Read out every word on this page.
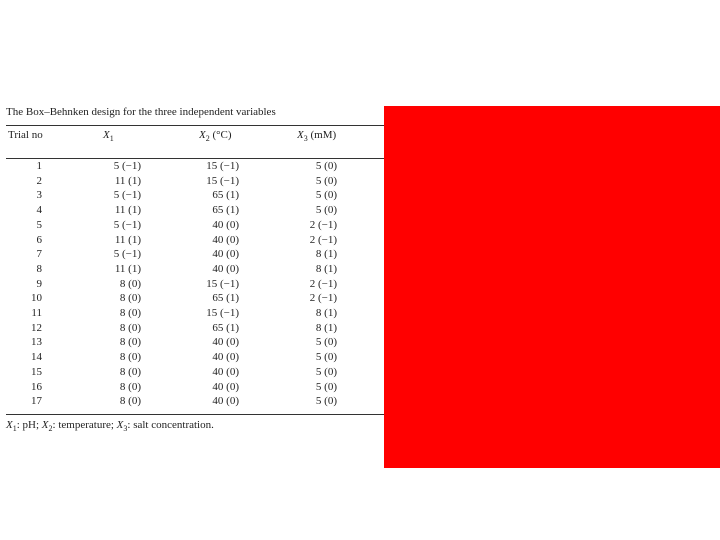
The Box–Behnken design for the three independent variables
Trial no	$X_1$	$X_2$ (°C)	$X_3$ (mM)
1	5 (−1)	15 (−1)	5 (0)
2	11 (1)	15 (−1)	5 (0)
3	5 (−1)	65 (1)	5 (0)
4	11 (1)	65 (1)	5 (0)
5	5 (−1)	40 (0)	2 (−1)
6	11 (1)	40 (0)	2 (−1)
7	5 (−1)	40 (0)	8 (1)
8	11 (1)	40 (0)	8 (1)
9	8 (0)	15 (−1)	2 (−1)
10	8 (0)	65 (1)	2 (−1)
11	8 (0)	15 (−1)	8 (1)
12	8 (0)	65 (1)	8 (1)
13	8 (0)	40 (0)	5 (0)
14	8 (0)	40 (0)	5 (0)
15	8 (0)	40 (0)	5 (0)
16	8 (0)	40 (0)	5 (0)
17	8 (0)	40 (0)	5 (0)
$X_1$: pH; $X_2$: temperature; $X_3$: salt concentration.
